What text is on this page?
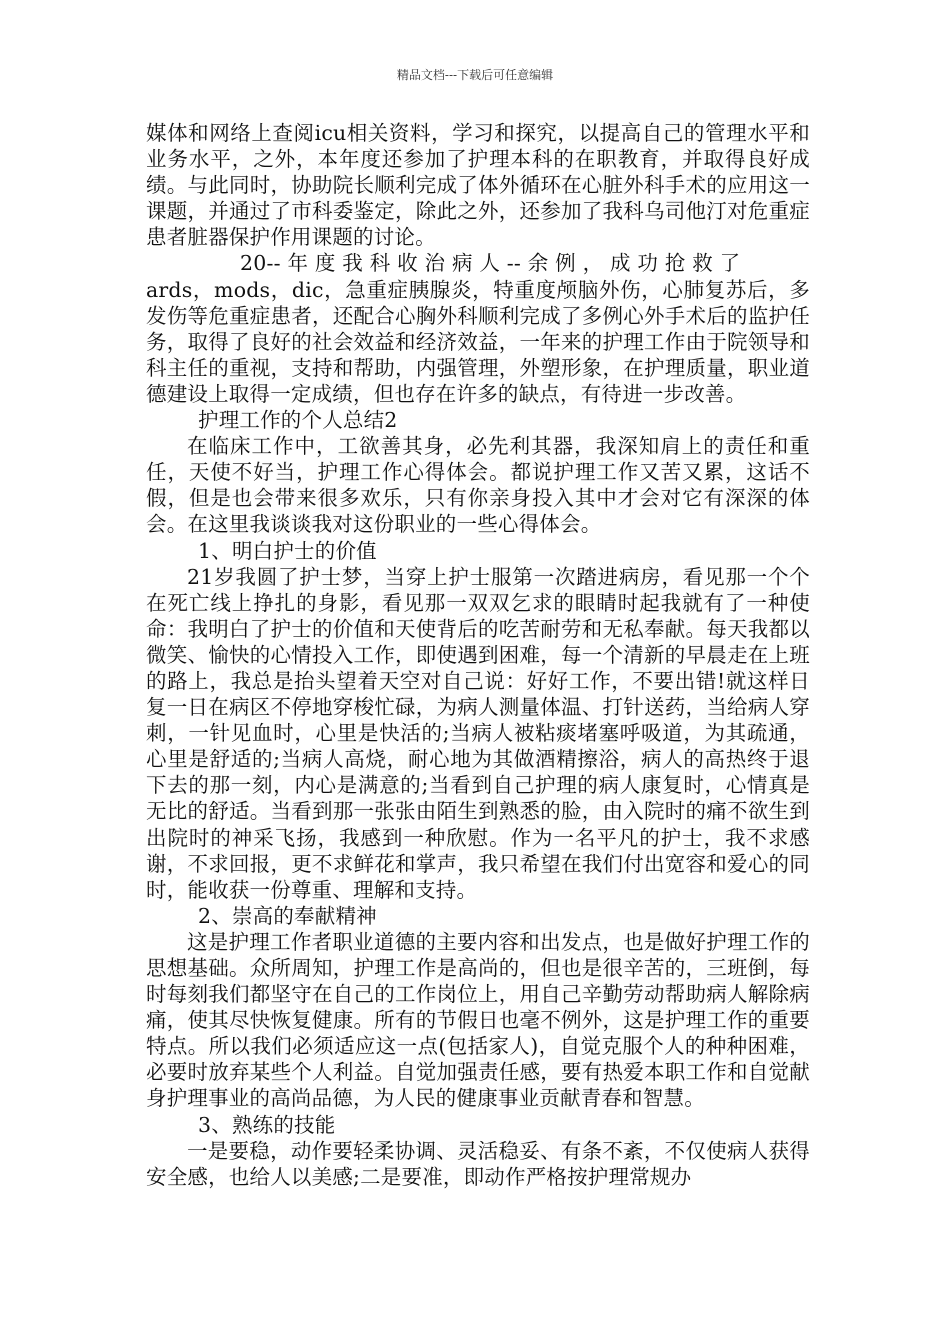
精品文档---下载后可任意编辑

媒体和网络上查阅icu相关资料，学习和探究，以提高自己的管理水平和业务水平，之外，本年度还参加了护理本科的在职教育，并取得良好成绩。与此同时，协助院长顺利完成了体外循环在心脏外科手术的应用这一课题，并通过了市科委鉴定，除此之外，还参加了我科乌司他汀对危重症患者脏器保护作用课题的讨论。

20-- 年 度 我 科 收 治 病 人 -- 余 例 ， 成 功 抢 救 了

ards，mods，dic，急重症胰腺炎，特重度颅脑外伤，心肺复苏后，多发伤等危重症患者，还配合心胸外科顺利完成了多例心外手术后的监护任务，取得了良好的社会效益和经济效益，一年来的护理工作由于院领导和科主任的重视，支持和帮助，内强管理，外塑形象，在护理质量，职业道德建设上取得一定成绩，但也存在许多的缺点，有待进一步改善。

护理工作的个人总结2

在临床工作中，工欲善其身，必先利其器，我深知肩上的责任和重任，天使不好当，护理工作心得体会。都说护理工作又苦又累，这话不假，但是也会带来很多欢乐，只有你亲身投入其中才会对它有深深的体会。在这里我谈谈我对这份职业的一些心得体会。

1、明白护士的价值

21岁我圆了护士梦，当穿上护士服第一次踏进病房，看见那一个个在死亡线上挣扎的身影，看见那一双双乞求的眼睛时起我就有了一种使命：我明白了护士的价值和天使背后的吃苦耐劳和无私奉献。每天我都以微笑、愉快的心情投入工作，即使遇到困难，每一个清新的早晨走在上班的路上，我总是抬头望着天空对自己说：好好工作，不要出错!就这样日复一日在病区不停地穿梭忙碌，为病人测量体温、打针送药，当给病人穿刺，一针见血时，心里是快活的;当病人被粘痰堵塞呼吸道，为其疏通，心里是舒适的;当病人高烧，耐心地为其做酒精擦浴，病人的高热终于退下去的那一刻，内心是满意的;当看到自己护理的病人康复时，心情真是无比的舒适。当看到那一张张由陌生到熟悉的脸，由入院时的痛不欲生到出院时的神采飞扬，我感到一种欣慰。作为一名平凡的护士，我不求感谢，不求回报，更不求鲜花和掌声，我只希望在我们付出宽容和爱心的同时，能收获一份尊重、理解和支持。

2、崇高的奉献精神

这是护理工作者职业道德的主要内容和出发点，也是做好护理工作的思想基础。众所周知，护理工作是高尚的，但也是很辛苦的，三班倒，每时每刻我们都坚守在自己的工作岗位上，用自己辛勤劳动帮助病人解除病痛，使其尽快恢复健康。所有的节假日也毫不例外，这是护理工作的重要特点。所以我们必须适应这一点(包括家人)，自觉克服个人的种种困难，必要时放弃某些个人利益。自觉加强责任感，要有热爱本职工作和自觉献身护理事业的高尚品德，为人民的健康事业贡献青春和智慧。

3、熟练的技能

一是要稳，动作要轻柔协调、灵活稳妥、有条不紊，不仅使病人获得安全感，也给人以美感;二是要准，即动作严格按护理常规办
